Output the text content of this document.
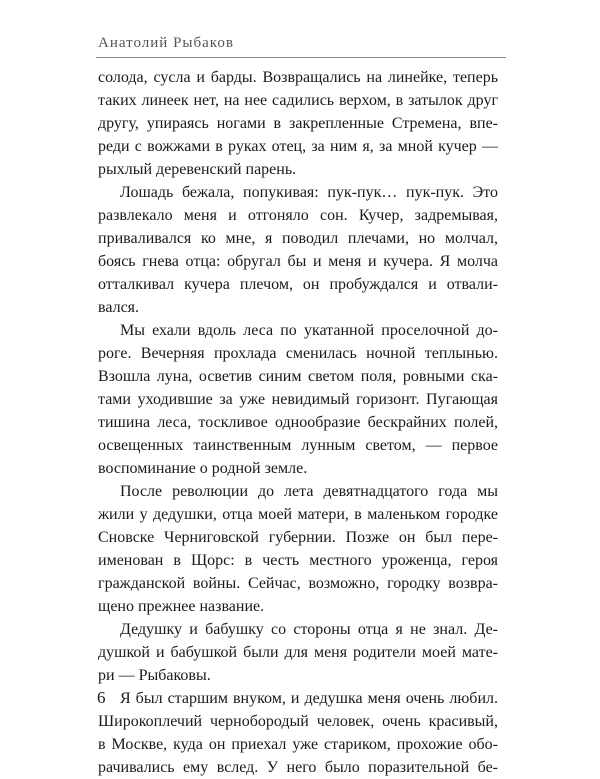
Анатолий Рыбаков
солода, сусла и барды. Возвращались на линейке, теперь
таких линеек нет, на нее садились верхом, в затылок друг
другу, упираясь ногами в закрепленные Стремена, впе-
реди с вожжами в руках отец, за ним я, за мной кучер —
рыхлый деревенский парень.
Лошадь бежала, попукивая: пук-пук… пук-пук. Это
развлекало меня и отгоняло сон. Кучер, задремывая,
приваливался ко мне, я поводил плечами, но молчал,
боясь гнева отца: обругал бы и меня и кучера. Я молча
отталкивал кучера плечом, он пробуждался и отвали-
вался.
Мы ехали вдоль леса по укатанной проселочной до-
роге. Вечерняя прохлада сменилась ночной теплынью.
Взошла луна, осветив синим светом поля, ровными ска-
тами уходившие за уже невидимый горизонт. Пугающая
тишина леса, тоскливое однообразие бескрайних полей,
освещенных таинственным лунным светом, — первое
воспоминание о родной земле.
После революции до лета девятнадцатого года мы
жили у дедушки, отца моей матери, в маленьком городке
Сновске Черниговской губернии. Позже он был пере-
именован в Щорс: в честь местного уроженца, героя
гражданской войны. Сейчас, возможно, городку возвра-
щено прежнее название.
Дедушку и бабушку со стороны отца я не знал. Де-
душкой и бабушкой были для меня родители моей мате-
ри — Рыбаковы.
Я был старшим внуком, и дедушка меня очень любил.
Широкоплечий чернобородый человек, очень красивый,
в Москве, куда он приехал уже стариком, прохожие обо-
рачивались ему вслед. У него было поразительной бе-
6
